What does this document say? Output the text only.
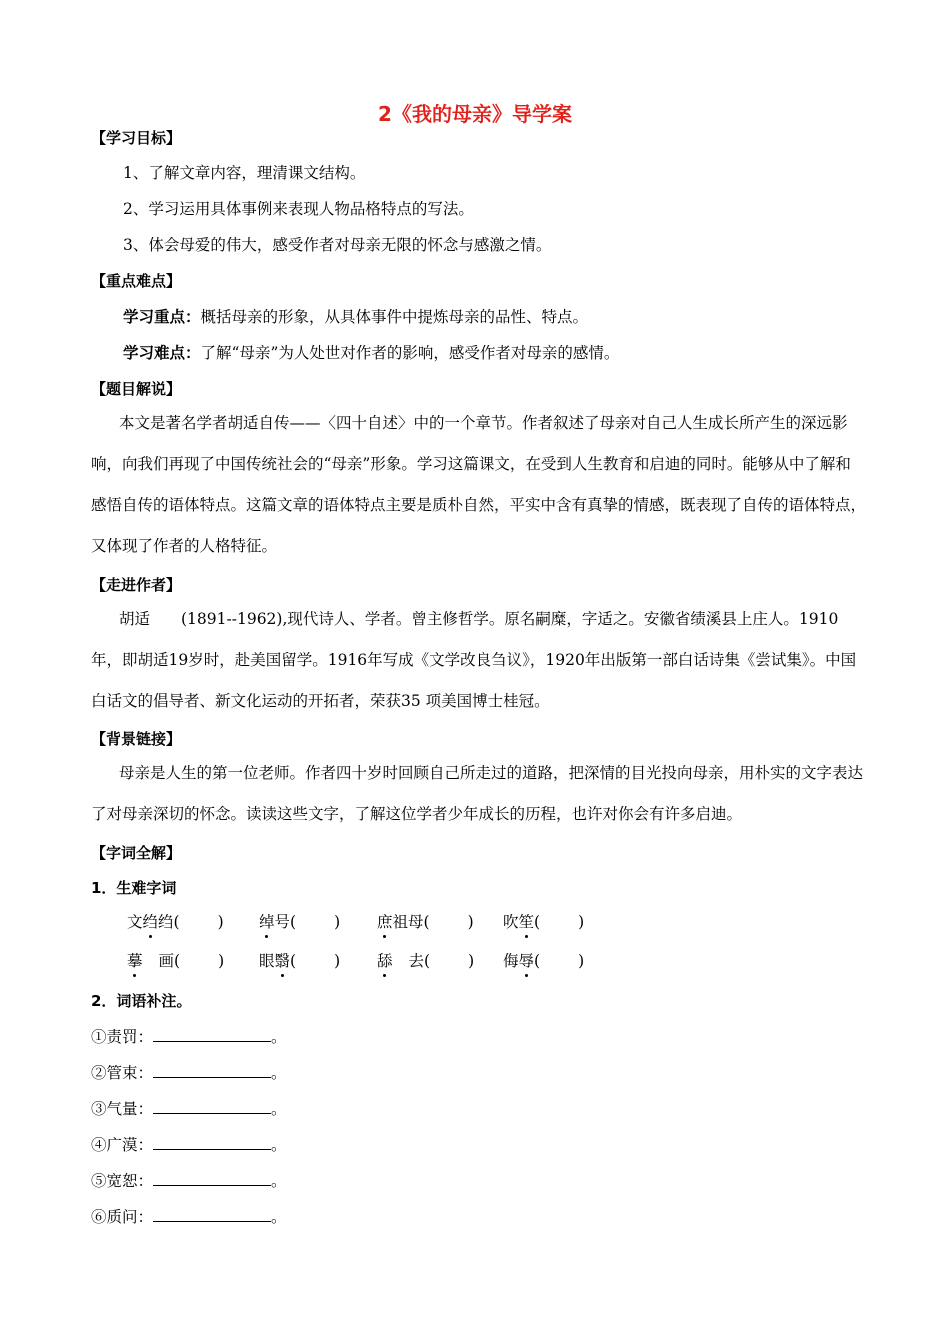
2《我的母亲》导学案
【学习目标】
1、了解文章内容，理清课文结构。
2、学习运用具体事例来表现人物品格特点的写法。
3、体会母爱的伟大，感受作者对母亲无限的怀念与感激之情。
【重点难点】
学习重点：概括母亲的形象，从具体事件中提炼母亲的品性、特点。
学习难点：了解“母亲”为人处世对作者的影响，感受作者对母亲的感情。
【题目解说】
本文是著名学者胡适自传——〈四十自述〉中的一个章节。作者叙述了母亲对自己人生成长所产生的深远影响，向我们再现了中国传统社会的“母亲”形象。学习这篇课文，在受到人生教育和启迪的同时。能够从中了解和感悟自传的语体特点。这篇文章的语体特点主要是质朴自然，平实中含有真挚的情感，既表现了自传的语体特点，又体现了作者的人格特征。
【走进作者】
胡适　　(1891--1962),现代诗人、学者。曾主修哲学。原名嗣糜，字适之。安徽省绩溪县上庄人。1910年，即胡适19岁时，赴美国留学。1916年写成《文学改良刍议》，1920年出版第一部白话诗集《尝试集》。中国白话文的倡导者、新文化运动的开拓者，荣获35 项美国博士桂冠。
【背景链接】
母亲是人生的第一位老师。作者四十岁时回顾自己所走过的道路，把深情的目光投向母亲，用朴实的文字表达了对母亲深切的怀念。读读这些文字，了解这位学者少年成长的历程，也许对你会有许多启迪。
【字词全解】
1．生难字词
文绉绉( ) 绰号( ) 庶祖母( ) 吹笙( )
摹 画( ) 眼翳( ) 舔 去( ) 侮辱( )
2．词语补注。
①责罚：	。
②管束：	。
③气量：	。
④广漠：	。
⑤宽恕：	。
⑥质问：	。
